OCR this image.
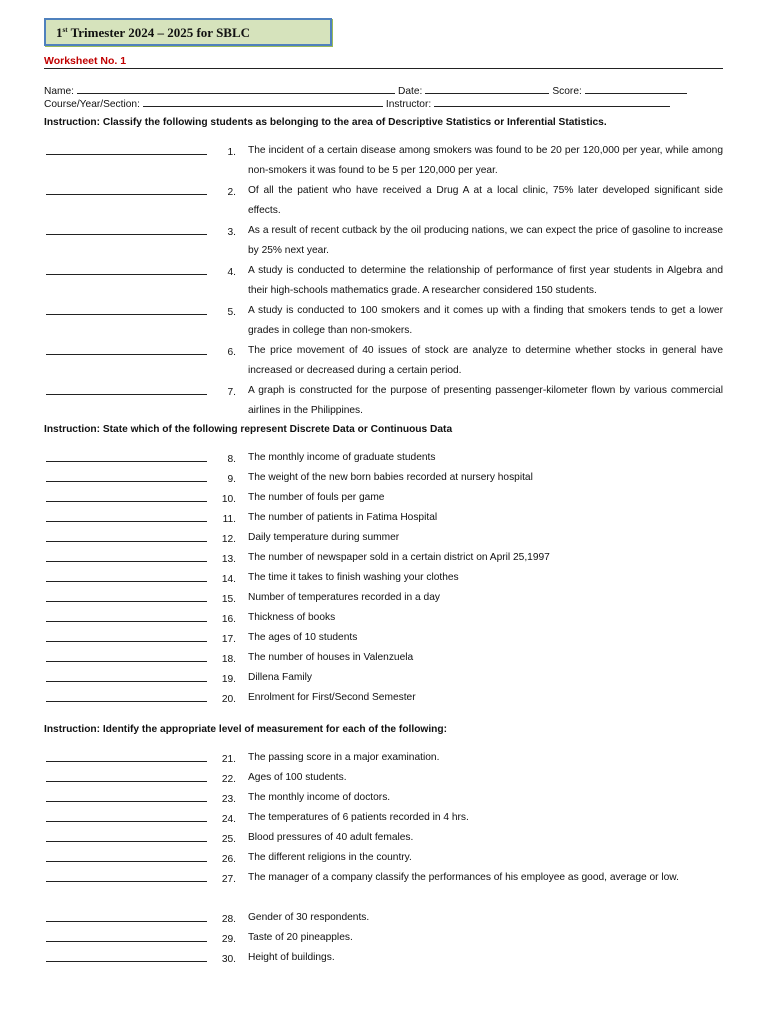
1st Trimester 2024 – 2025 for SBLC
Worksheet No. 1
Name:	Date:	Score:
Course/Year/Section:	Instructor:
Instruction: Classify the following students as belonging to the area of Descriptive Statistics or Inferential Statistics.
1. The incident of a certain disease among smokers was found to be 20 per 120,000 per year, while among non-smokers it was found to be 5 per 120,000 per year.
2. Of all the patient who have received a Drug A at a local clinic, 75% later developed significant side effects.
3. As a result of recent cutback by the oil producing nations, we can expect the price of gasoline to increase by 25% next year.
4. A study is conducted to determine the relationship of performance of first year students in Algebra and their high-schools mathematics grade. A researcher considered 150 students.
5. A study is conducted to 100 smokers and it comes up with a finding that smokers tends to get a lower grades in college than non-smokers.
6. The price movement of 40 issues of stock are analyze to determine whether stocks in general have increased or decreased during a certain period.
7. A graph is constructed for the purpose of presenting passenger-kilometer flown by various commercial airlines in the Philippines.
Instruction: State which of the following represent Discrete Data or Continuous Data
8. The monthly income of graduate students
9. The weight of the new born babies recorded at nursery hospital
10. The number of fouls per game
11. The number of patients in Fatima Hospital
12. Daily temperature during summer
13. The number of newspaper sold in a certain district on April 25,1997
14. The time it takes to finish washing your clothes
15. Number of temperatures recorded in a day
16. Thickness of books
17. The ages of 10 students
18. The number of houses in Valenzuela
19. Dillena Family
20. Enrolment for First/Second Semester
Instruction: Identify the appropriate level of measurement for each of the following:
21. The passing score in a major examination.
22. Ages of 100 students.
23. The monthly income of doctors.
24. The temperatures of 6 patients recorded in 4 hrs.
25. Blood pressures of 40 adult females.
26. The different religions in the country.
27. The manager of a company classify the performances of his employee as good, average or low.
28. Gender of 30 respondents.
29. Taste of 20 pineapples.
30. Height of buildings.
